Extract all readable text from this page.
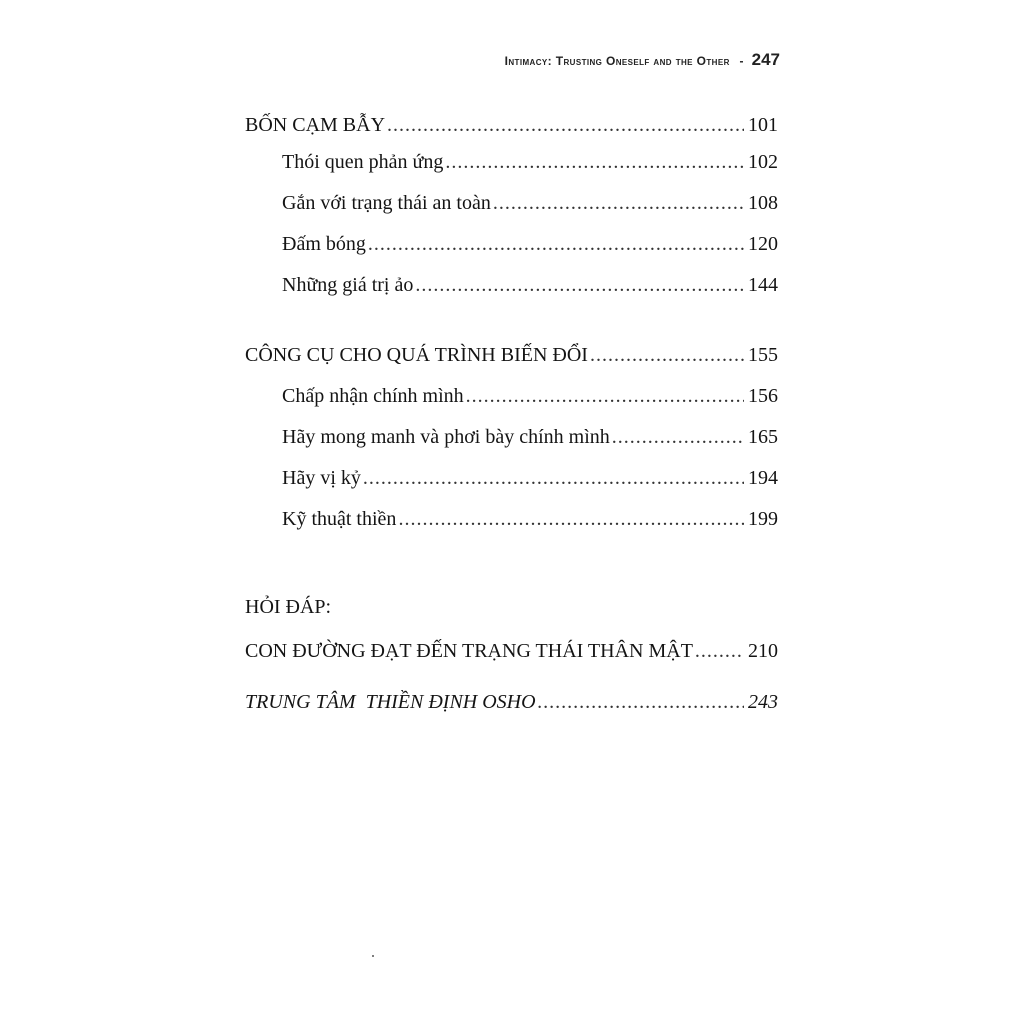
Intimacy: Trusting Oneself and the Other - 247
BỐN CẠM BẪY .....	101
Thói quen phản ứng .....	102
Gắn với trạng thái an toàn .....	108
Đấm bóng .....	120
Những giá trị ảo .....	144
CÔNG CỤ CHO QUÁ TRÌNH BIẾN ĐỔI .....	155
Chấp nhận chính mình .....	156
Hãy mong manh và phơi bày chính mình .....	165
Hãy vị kỷ .....	194
Kỹ thuật thiền .....	199
HỎI ĐÁP:
CON ĐƯỜNG ĐẠT ĐẾN TRẠNG THÁI THÂN MẬT .....	210
TRUNG TÂM  THIỀN ĐỊNH OSHO .....	243
